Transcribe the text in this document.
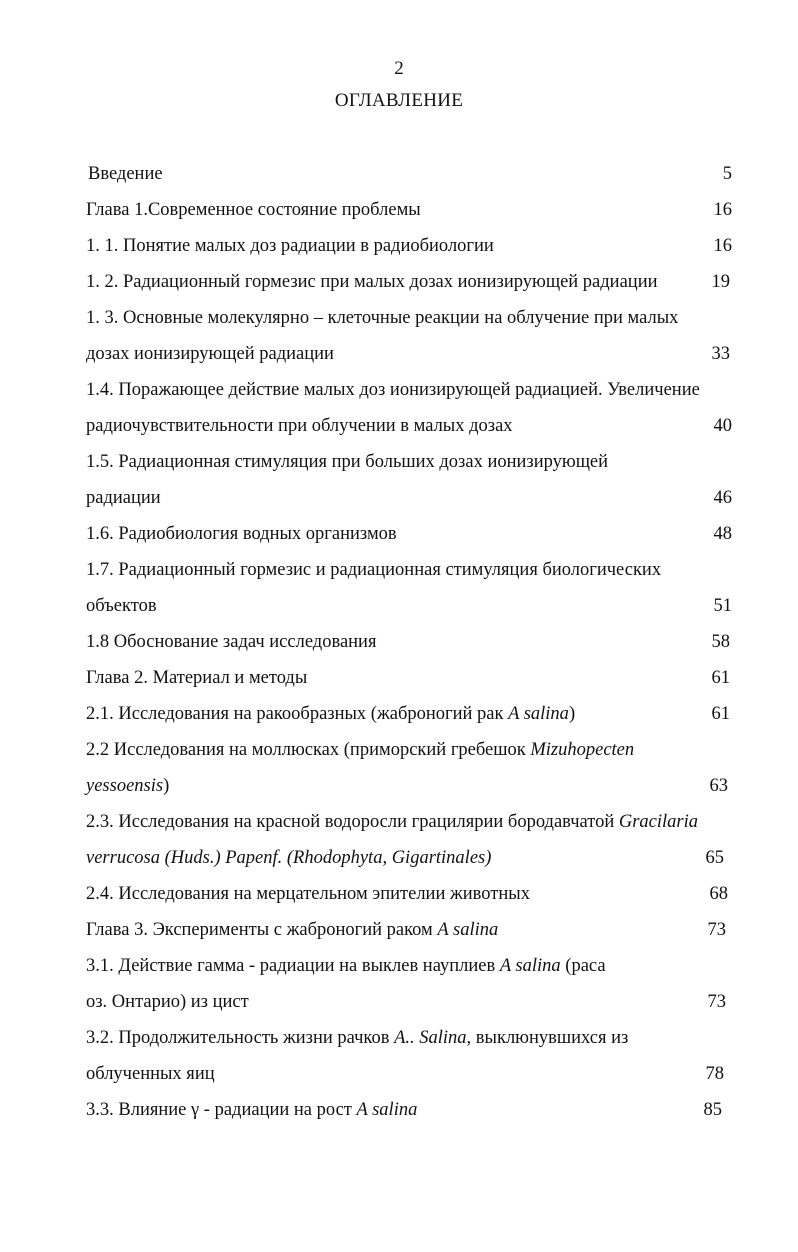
2
ОГЛАВЛЕНИЕ
Введение	5
Глава 1.Современное состояние проблемы	16
1. 1. Понятие малых доз радиации в радиобиологии	16
1. 2. Радиационный гормезис при малых дозах ионизирующей радиации	19
1. 3. Основные молекулярно – клеточные реакции на облучение при малых
дозах ионизирующей радиации	33
1.4. Поражающее действие малых доз ионизирующей радиацией. Увеличение
радиочувствительности при облучении в малых дозах	40
1.5. Радиационная стимуляция при больших дозах ионизирующей
радиации	46
1.6. Радиобиология водных организмов	48
1.7. Радиационный гормезис и радиационная стимуляция биологических
объектов	51
1.8 Обоснование задач исследования	58
Глава 2. Материал и методы	61
2.1. Исследования на ракообразных (жаброногий рак A salina)	61
2.2 Исследования на моллюсках (приморский гребешок Mizuhopecten
yessoensis)	63
2.3. Исследования на красной водоросли грацилярии бородавчатой Gracilaria
verrucosa (Huds.) Papenf. (Rhodophyta, Gigartinales)	65
2.4. Исследования на мерцательном эпителии животных	68
Глава 3. Эксперименты с жаброногий раком A salina	73
3.1. Действие гамма - радиации на выклев науплиев A salina (раса
оз. Онтарио) из цист	73
3.2. Продолжительность жизни рачков A.. Salina, выклюнувшихся из
облученных яиц	78
3.3. Влияние γ - радиации на рост A salina	85
